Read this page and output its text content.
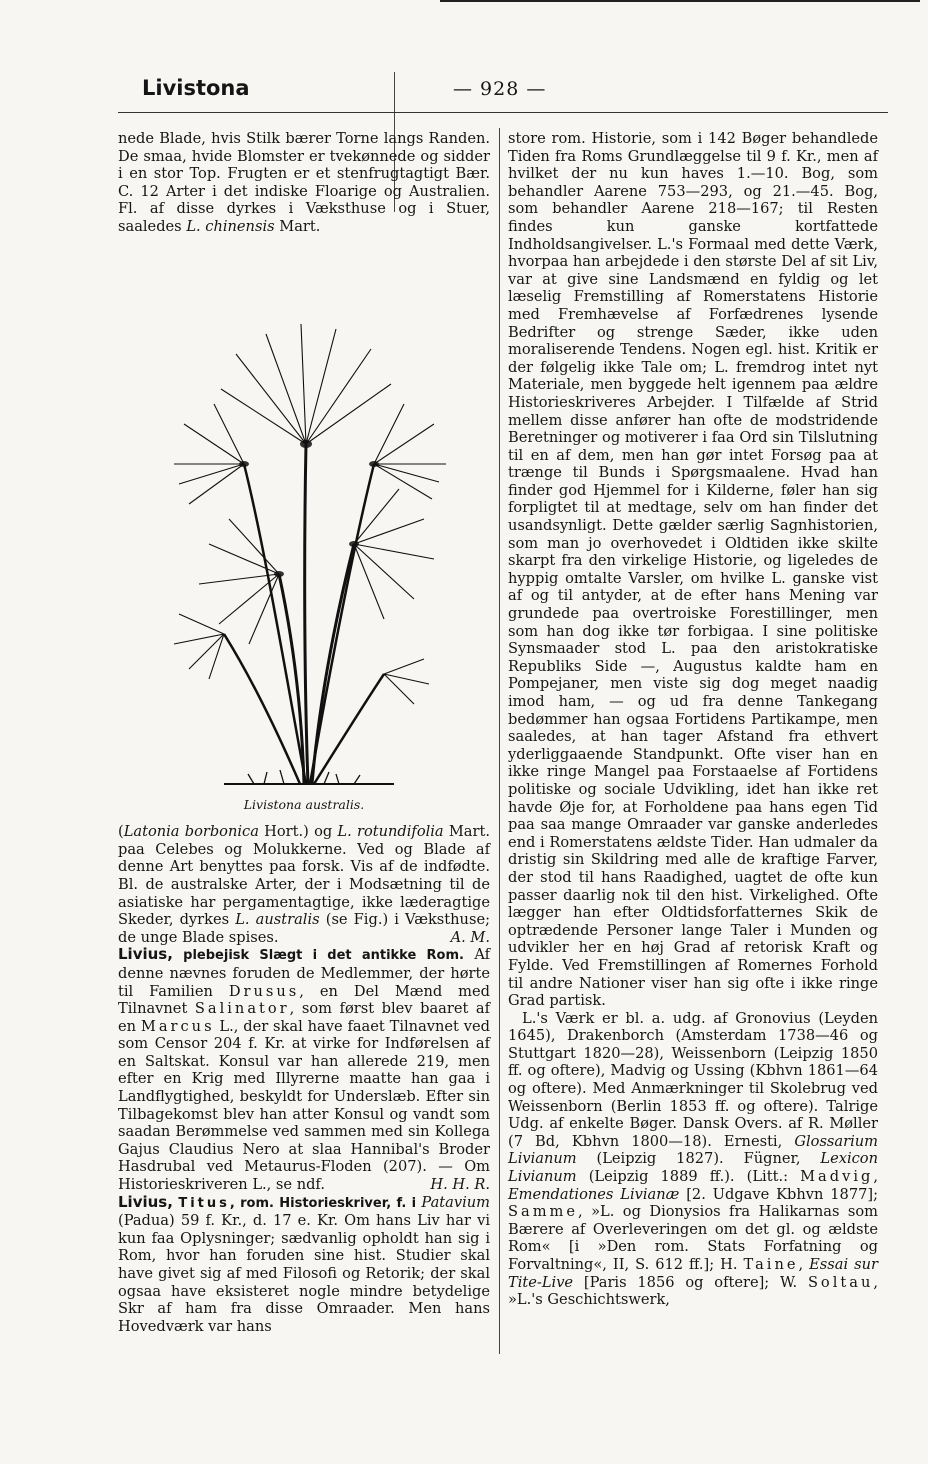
Livistona	— 928 —

nede Blade, hvis Stilk bærer Torne langs Randen. De smaa, hvide Blomster er tvekønnede og sidder i en stor Top. Frugten er et stenfrugtagtigt Bær. C. 12 Arter i det indiske Floarige og Australien. Fl. af disse dyrkes i Væksthuse og i Stuer, saaledes L. chinensis Mart.

Livistona australis.

(Latonia borbonica Hort.) og L. rotundifolia Mart. paa Celebes og Molukkerne. Ved og Blade af denne Art benyttes paa forsk. Vis af de indfødte. Bl. de australske Arter, der i Modsætning til de asiatiske har pergamentagtige, ikke læderagtige Skeder, dyrkes L. australis (se Fig.) i Væksthuse; de unge Blade spises.	A. M.

Livius, plebejisk Slægt i det antikke Rom. Af denne nævnes foruden de Medlemmer, der hørte til Familien Drusus, en Del Mænd med Tilnavnet Salinator, som først blev baaret af en Marcus L., der skal have faaet Tilnavnet ved som Censor 204 f. Kr. at virke for Indførelsen af en Saltskat. Konsul var han allerede 219, men efter en Krig med Illyrerne maatte han gaa i Landflygtighed, beskyldt for Underslæb. Efter sin Tilbagekomst blev han atter Konsul og vandt som saadan Berømmelse ved sammen med sin Kollega Gajus Claudius Nero at slaa Hannibal's Broder Hasdrubal ved Metaurus-Floden (207). — Om Historieskriveren L., se ndf.	H. H. R.

Livius, Titus, rom. Historieskriver, f. i Patavium (Padua) 59 f. Kr., d. 17 e. Kr. Om hans Liv har vi kun faa Oplysninger; sædvanlig opholdt han sig i Rom, hvor han foruden sine hist. Studier skal have givet sig af med Filosofi og Retorik; der skal ogsaa have eksisteret nogle mindre betydelige Skr af ham fra disse Omraader. Men hans Hovedværk var hans

store rom. Historie, som i 142 Bøger behandlede Tiden fra Roms Grundlæggelse til 9 f. Kr., men af hvilket der nu kun haves 1.—10. Bog, som behandler Aarene 753—293, og 21.—45. Bog, som behandler Aarene 218—167; til Resten findes kun ganske kortfattede Indholdsangivelser. L.'s Formaal med dette Værk, hvorpaa han arbejdede i den største Del af sit Liv, var at give sine Landsmænd en fyldig og let læselig Fremstilling af Romerstatens Historie med Fremhævelse af Forfædrenes lysende Bedrifter og strenge Sæder, ikke uden moraliserende Tendens. Nogen egl. hist. Kritik er der følgelig ikke Tale om; L. fremdrog intet nyt Materiale, men byggede helt igennem paa ældre Historieskriveres Arbejder. I Tilfælde af Strid mellem disse anfører han ofte de modstridende Beretninger og motiverer i faa Ord sin Tilslutning til en af dem, men han gør intet Forsøg paa at trænge til Bunds i Spørgsmaalene. Hvad han finder god Hjemmel for i Kilderne, føler han sig forpligtet til at medtage, selv om han finder det usandsynligt. Dette gælder særlig Sagnhistorien, som man jo overhovedet i Oldtiden ikke skilte skarpt fra den virkelige Historie, og ligeledes de hyppig omtalte Varsler, om hvilke L. ganske vist af og til antyder, at de efter hans Mening var grundede paa overtroiske Forestillinger, men som han dog ikke tør forbigaa. I sine politiske Synsmaader stod L. paa den aristokratiske Republiks Side —, Augustus kaldte ham en Pompejaner, men viste sig dog meget naadig imod ham, — og ud fra denne Tankegang bedømmer han ogsaa Fortidens Partikampe, men saaledes, at han tager Afstand fra ethvert yderliggaaende Standpunkt. Ofte viser han en ikke ringe Mangel paa Forstaaelse af Fortidens politiske og sociale Udvikling, idet han ikke ret havde Øje for, at Forholdene paa hans egen Tid paa saa mange Omraader var ganske anderledes end i Romerstatens ældste Tider. Han udmaler da dristig sin Skildring med alle de kraftige Farver, der stod til hans Raadighed, uagtet de ofte kun passer daarlig nok til den hist. Virkelighed. Ofte lægger han efter Oldtidsforfatternes Skik de optrædende Personer lange Taler i Munden og udvikler her en høj Grad af retorisk Kraft og Fylde. Ved Fremstillingen af Romernes Forhold til andre Nationer viser han sig ofte i ikke ringe Grad partisk.

L.'s Værk er bl. a. udg. af Gronovius (Leyden 1645), Drakenborch (Amsterdam 1738—46 og Stuttgart 1820—28), Weissenborn (Leipzig 1850 ff. og oftere), Madvig og Ussing (Kbhvn 1861—64 og oftere). Med Anmærkninger til Skolebrug ved Weissenborn (Berlin 1853 ff. og oftere). Talrige Udg. af enkelte Bøger. Dansk Overs. af R. Møller (7 Bd, Kbhvn 1800—18). Ernesti, Glossarium Livianum (Leipzig 1827). Fügner, Lexicon Livianum (Leipzig 1889 ff.). (Litt.: Madvig, Emendationes Livianæ [2. Udgave Kbhvn 1877]; Samme, »L. og Dionysios fra Halikarnas som Bærere af Overleveringen om det gl. og ældste Rom« [i »Den rom. Stats Forfatning og Forvaltning«, II, S. 612 ff.]; H. Taine, Essai sur Tite-Live [Paris 1856 og oftere]; W. Soltau, »L.'s Geschichtswerk,
